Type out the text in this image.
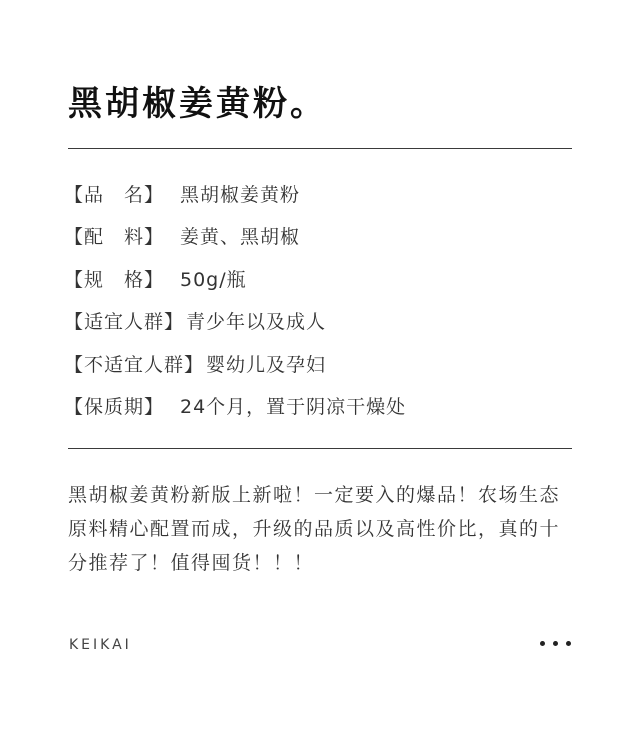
黑胡椒姜黄粉。
【品　名】 黑胡椒姜黄粉
【配　料】 姜黄、黑胡椒
【规　格】 50g/瓶
【适宜人群】 青少年以及成人
【不适宜人群】 婴幼儿及孕妇
【保质期】 24个月，置于阴凉干燥处

黑胡椒姜黄粉新版上新啦！一定要入的爆品！农场生态原料精心配置而成，升级的品质以及高性价比，真的十分推荐了！值得囤货！！！

KEIKAI
